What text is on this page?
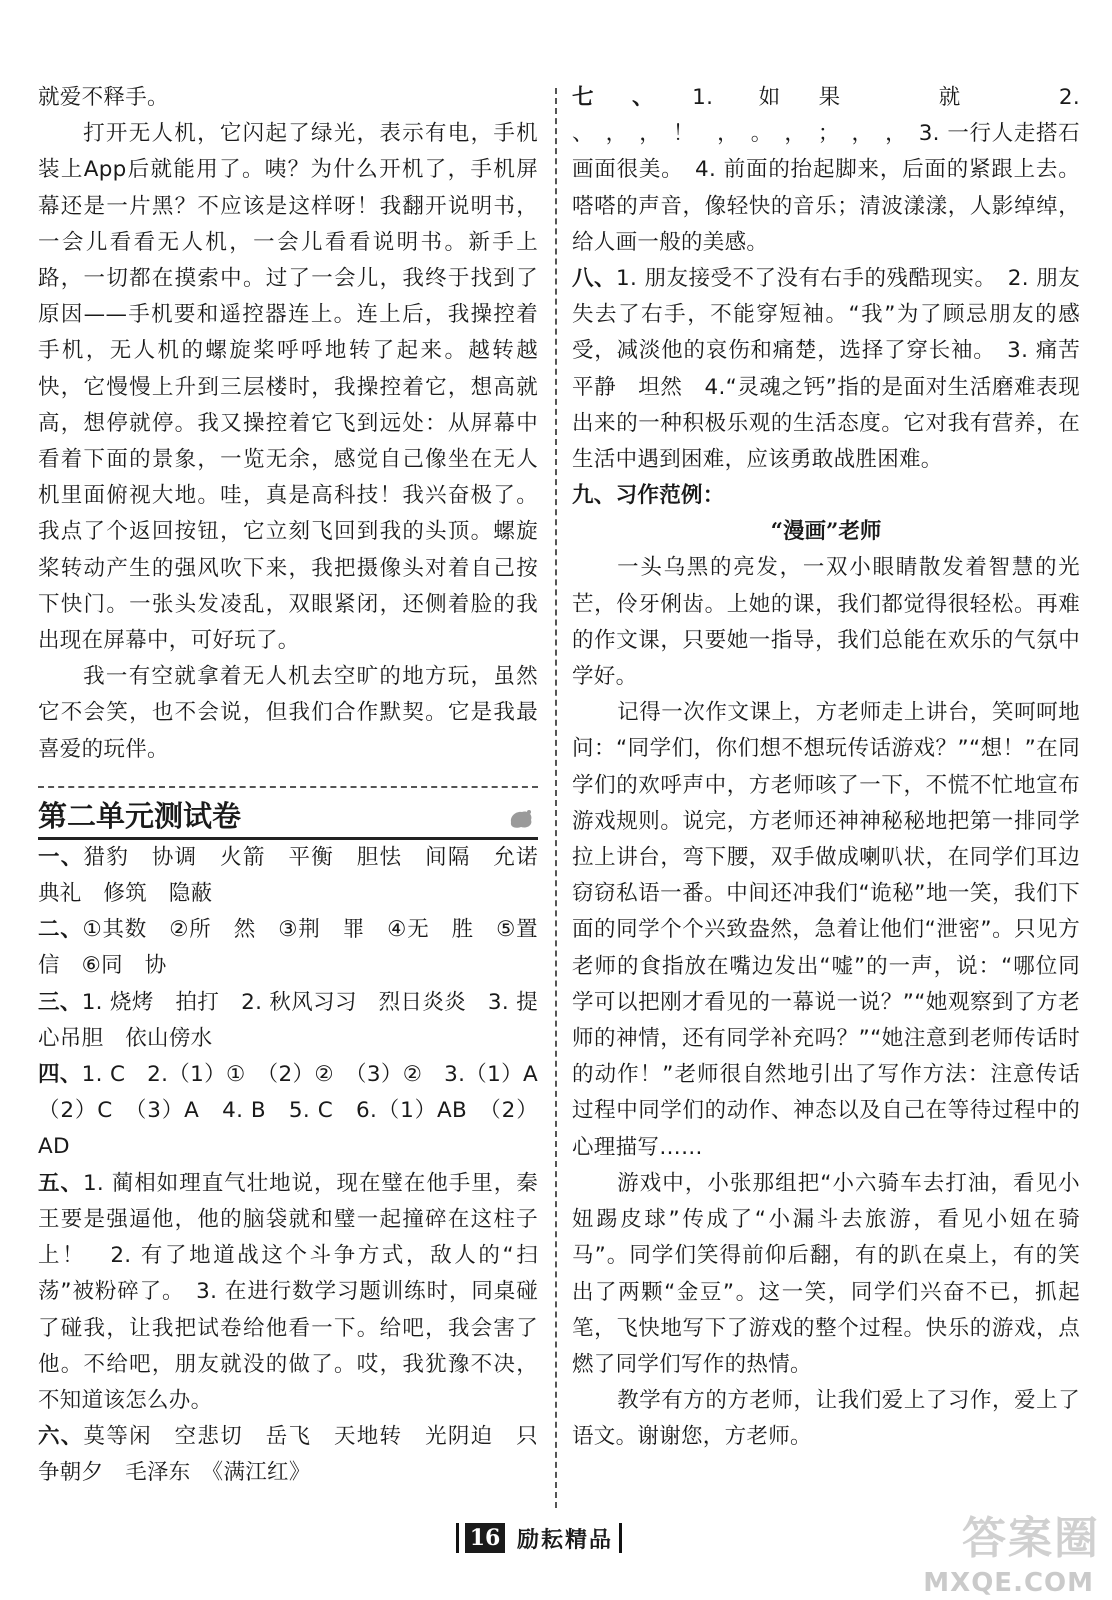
就爱不释手。

打开无人机，它闪起了绿光，表示有电，手机装上App后就能用了。咦？为什么开机了，手机屏幕还是一片黑？不应该是这样呀！我翻开说明书，一会儿看看无人机，一会儿看看说明书。新手上路，一切都在摸索中。过了一会儿，我终于找到了原因——手机要和遥控器连上。连上后，我操控着手机，无人机的螺旋桨呼呼地转了起来。越转越快，它慢慢上升到三层楼时，我操控着它，想高就高，想停就停。我又操控着它飞到远处：从屏幕中看着下面的景象，一览无余，感觉自己像坐在无人机里面俯视大地。哇，真是高科技！我兴奋极了。我点了个返回按钮，它立刻飞回到我的头顶。螺旋桨转动产生的强风吹下来，我把摄像头对着自己按下快门。一张头发凌乱，双眼紧闭，还侧着脸的我出现在屏幕中，可好玩了。

我一有空就拿着无人机去空旷的地方玩，虽然它不会笑，也不会说，但我们合作默契。它是我最喜爱的玩伴。

第二单元测试卷

一、猎豹　协调　火箭　平衡　胆怯　间隔　允诺　典礼　修筑　隐蔽

二、①其数　②所　然　③荆　罪　④无　胜　⑤置信　⑥同　协

三、1. 烧烤　拍打　2. 秋风习习　烈日炎炎　3. 提心吊胆　依山傍水

四、1. C　2.（1）①　（2）②　（3）②　3.（1）A　（2）C　（3）A　4. B　5. C　6.（1）AB　（2）AD

五、1. 蔺相如理直气壮地说，现在璧在他手里，秦王要是强逼他，他的脑袋就和璧一起撞碎在这柱子上！　2. 有了地道战这个斗争方式，敌人的“扫荡”被粉碎了。　3. 在进行数学习题训练时，同桌碰了碰我，让我把试卷给他看一下。给吧，我会害了他。不给吧，朋友就没的做了。哎，我犹豫不决，不知道该怎么办。

六、莫等闲　空悲切　岳飞　天地转　光阴迫　只争朝夕　毛泽东　《满江红》

七、1. 如果　就　2. 、　，　，　！　，　。　，　；　，　，　3. 一行人走搭石画面很美。　4. 前面的抬起脚来，后面的紧跟上去。嗒嗒的声音，像轻快的音乐；清波漾漾，人影绰绰，给人画一般的美感。

八、1. 朋友接受不了没有右手的残酷现实。　2. 朋友失去了右手，不能穿短袖。“我”为了顾忌朋友的感受，减淡他的哀伤和痛楚，选择了穿长袖。　3. 痛苦　平静　坦然　4.“灵魂之钙”指的是面对生活磨难表现出来的一种积极乐观的生活态度。它对我有营养，在生活中遇到困难，应该勇敢战胜困难。

九、习作范例：

“漫画”老师

一头乌黑的亮发，一双小眼睛散发着智慧的光芒，伶牙俐齿。上她的课，我们都觉得很轻松。再难的作文课，只要她一指导，我们总能在欢乐的气氛中学好。

记得一次作文课上，方老师走上讲台，笑呵呵地问：“同学们，你们想不想玩传话游戏？”“想！”在同学们的欢呼声中，方老师咳了一下，不慌不忙地宣布游戏规则。说完，方老师还神神秘秘地把第一排同学拉上讲台，弯下腰，双手做成喇叭状，在同学们耳边窃窃私语一番。中间还冲我们“诡秘”地一笑，我们下面的同学个个兴致盎然，急着让他们“泄密”。只见方老师的食指放在嘴边发出“嘘”的一声，说：“哪位同学可以把刚才看见的一幕说一说？”“她观察到了方老师的神情，还有同学补充吗？”“她注意到老师传话时的动作！”老师很自然地引出了写作方法：注意传话过程中同学们的动作、神态以及自己在等待过程中的心理描写……

游戏中，小张那组把“小六骑车去打油，看见小妞踢皮球”传成了“小漏斗去旅游，看见小妞在骑马”。同学们笑得前仰后翻，有的趴在桌上，有的笑出了两颗“金豆”。这一笑，同学们兴奋不已，抓起笔，飞快地写下了游戏的整个过程。快乐的游戏，点燃了同学们写作的热情。

教学有方的方老师，让我们爱上了习作，爱上了语文。谢谢您，方老师。

16 励耘精品	答案圈
MXQE.COM
